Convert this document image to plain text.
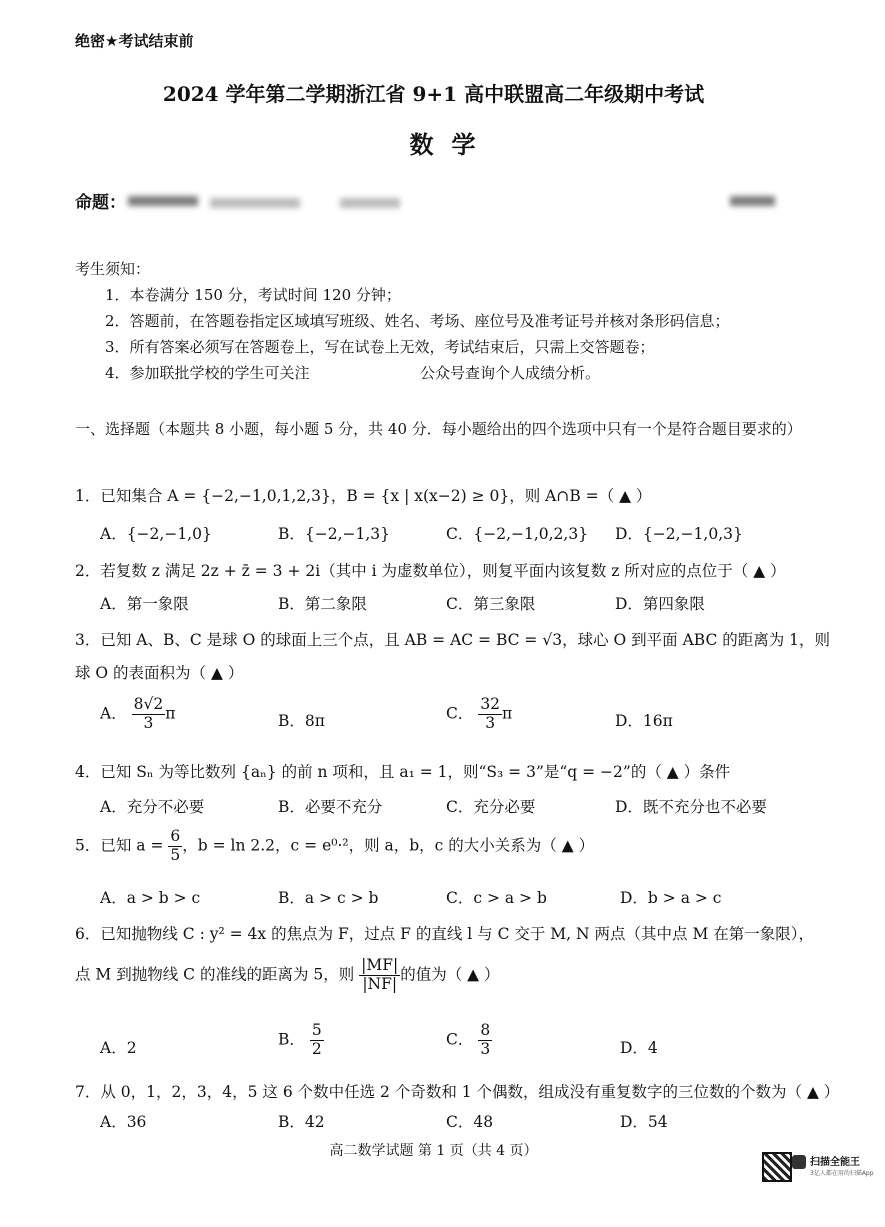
绝密★考试结束前
2024 学年第二学期浙江省 9+1 高中联盟高二年级期中考试
数学
命题：
考生须知：
1．本卷满分 150 分，考试时间 120 分钟；
2．答题前，在答题卷指定区域填写班级、姓名、考场、座位号及准考证号并核对条形码信息；
3．所有答案必须写在答题卷上，写在试卷上无效，考试结束后，只需上交答题卷；
4．参加联批学校的学生可关注	公众号查询个人成绩分析。
一、选择题（本题共 8 小题，每小题 5 分，共 40 分．每小题给出的四个选项中只有一个是符合题目要求的）
1．已知集合 A = {−2,−1,0,1,2,3}，B = {x | x(x−2) ≥ 0}，则 A∩B =（ ▲ ）
A．{−2,−1,0}	B．{−2,−1,3}	C．{−2,−1,0,2,3} D．{−2,−1,0,3}
2．若复数 z 满足 2z + z̄ = 3 + 2i（其中 i 为虚数单位），则复平面内该复数 z 所对应的点位于（ ▲ ）
A．第一象限	B．第二象限	C．第三象限	D．第四象限
3．已知 A、B、C 是球 O 的球面上三个点，且 AB = AC = BC = √3，球心 O 到平面 ABC 的距离为 1，则
球 O 的表面积为（ ▲ ）
A． $\frac{8√2}{3}$ π	B．8π	C． $\frac{32}{3}$ π	D．16π
4．已知 Sₙ 为等比数列 {aₙ} 的前 n 项和，且 a₁ = 1，则“S₃ = 3”是“q = −2”的（ ▲ ）条件
A．充分不必要	B．必要不充分	C．充分必要	D．既不充分也不必要
5．已知 $a = \frac{6}{5}$ ，b = ln 2.2，c = e⁰·²，则 a，b，c 的大小关系为（ ▲ ）
A．a > b > c	B．a > c > b	C．c > a > b	D．b > a > c
6．已知抛物线 C : y² = 4x 的焦点为 F，过点 F 的直线 l 与 C 交于 M, N 两点（其中点 M 在第一象限），
点 M 到抛物线 C 的准线的距离为 5，则 $\frac{|MF|}{|NF|}$ 的值为（ ▲ ）
A．2	B． $\frac{5}{2}$	C． $\frac{8}{3}$	D．4
7．从 0，1，2，3，4，5 这 6 个数中任选 2 个奇数和 1 个偶数，组成没有重复数字的三位数的个数为（ ▲ ）
A．36	B．42	C．48	D．54
高二数学试题 第 1 页（共 4 页）
扫描全能王
3亿人都在用的扫描App
